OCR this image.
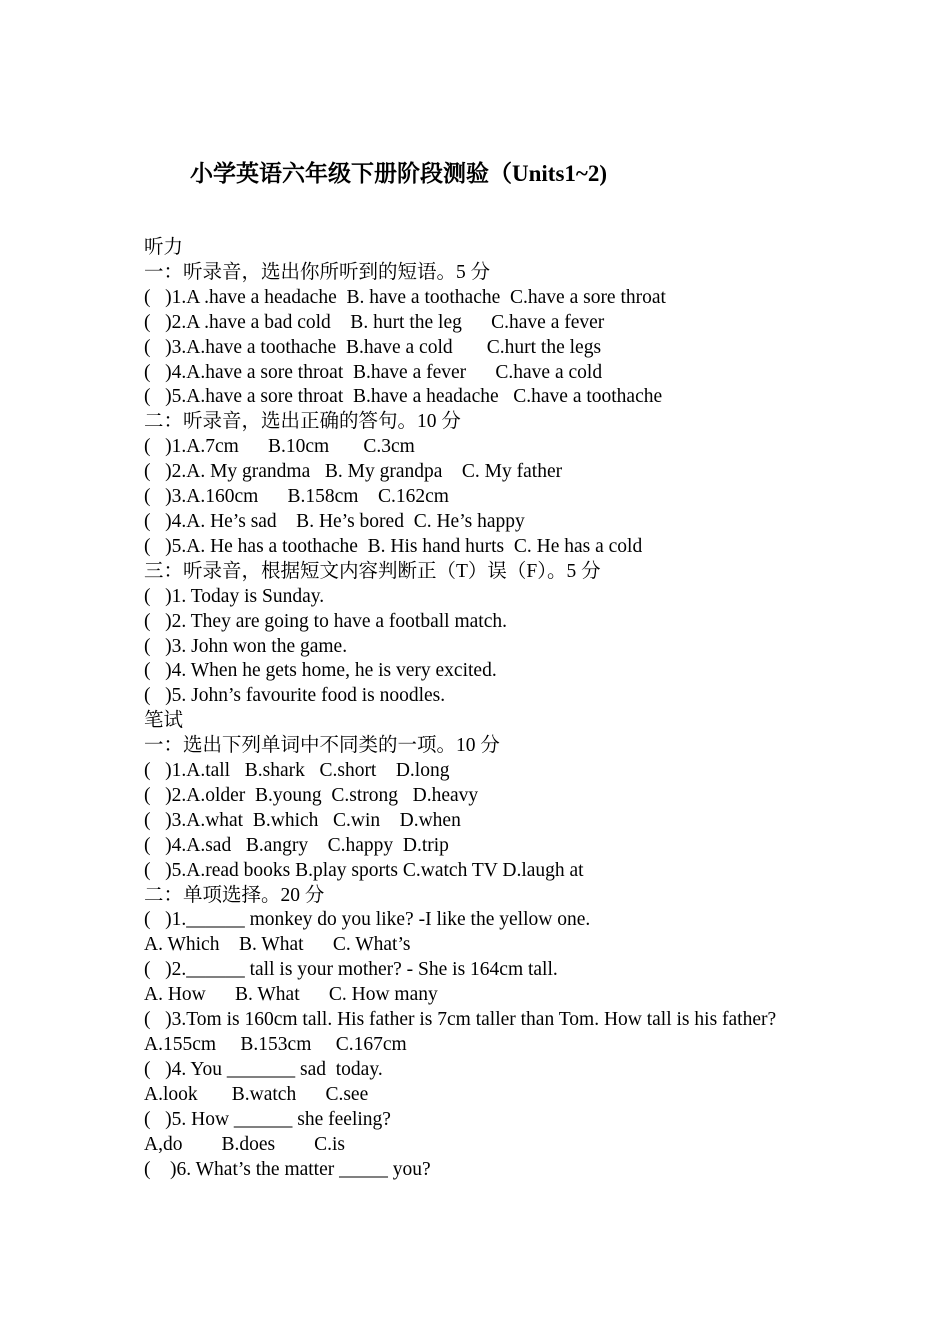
小学英语六年级下册阶段测验（Units1~2)
听力
一：听录音，选出你所听到的短语。5 分
(   )1.A .have a headache  B. have a toothache  C.have a sore throat
(   )2.A .have a bad cold    B. hurt the leg      C.have a fever
(   )3.A.have a toothache  B.have a cold       C.hurt the legs
(   )4.A.have a sore throat  B.have a fever      C.have a cold
(   )5.A.have a sore throat  B.have a headache   C.have a toothache
二：听录音，选出正确的答句。10 分
(   )1.A.7cm      B.10cm       C.3cm
(   )2.A. My grandma   B. My grandpa    C. My father
(   )3.A.160cm      B.158cm    C.162cm
(   )4.A. He’s sad    B. He’s bored  C. He’s happy
(   )5.A. He has a toothache  B. His hand hurts  C. He has a cold
三：听录音，根据短文内容判断正（T）误（F）。5 分
(   )1. Today is Sunday.
(   )2. They are going to have a football match.
(   )3. John won the game.
(   )4. When he gets home, he is very excited.
(   )5. John’s favourite food is noodles.
笔试
一：选出下列单词中不同类的一项。10 分
(   )1.A.tall   B.shark   C.short    D.long
(   )2.A.older  B.young  C.strong   D.heavy
(   )3.A.what  B.which   C.win    D.when
(   )4.A.sad   B.angry    C.happy  D.trip
(   )5.A.read books B.play sports C.watch TV D.laugh at
二：单项选择。20 分
(   )1.______ monkey do you like? -I like the yellow one.
A. Which    B. What      C. What’s
(   )2.______ tall is your mother? - She is 164cm tall.
A. How      B. What      C. How many
(   )3.Tom is 160cm tall. His father is 7cm taller than Tom. How tall is his father?
A.155cm     B.153cm     C.167cm
(   )4. You _______ sad  today.
A.look       B.watch      C.see
(   )5. How ______ she feeling?
A,do        B.does        C.is
(    )6. What’s the matter _____ you?
